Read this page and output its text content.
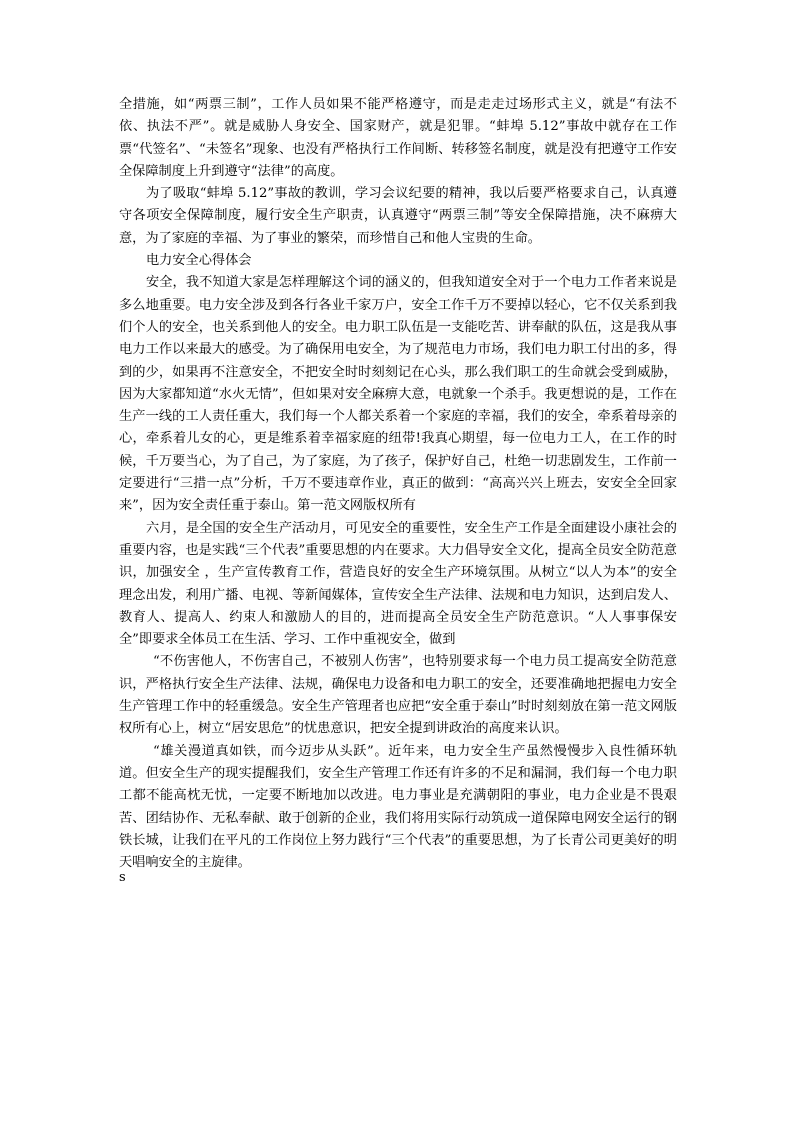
全措施，如“两票三制”，工作人员如果不能严格遵守，而是走走过场形式主义，就是“有法不依、执法不严”。就是威胁人身安全、国家财产，就是犯罪。“蚌埠 5.12”事故中就存在工作票“代签名”、“未签名”现象、也没有严格执行工作间断、转移签名制度，就是没有把遵守工作安全保障制度上升到遵守“法律”的高度。

为了吸取“蚌埠 5.12”事故的教训，学习会议纪要的精神，我以后要严格要求自己，认真遵守各项安全保障制度，履行安全生产职责，认真遵守“两票三制”等安全保障措施，决不麻痹大意，为了家庭的幸福、为了事业的繁荣，而珍惜自己和他人宝贵的生命。

电力安全心得体会

安全，我不知道大家是怎样理解这个词的涵义的，但我知道安全对于一个电力工作者来说是多么地重要。电力安全涉及到各行各业千家万户，安全工作千万不要掉以轻心，它不仅关系到我们个人的安全，也关系到他人的安全。电力职工队伍是一支能吃苦、讲奉献的队伍，这是我从事电力工作以来最大的感受。为了确保用电安全，为了规范电力市场，我们电力职工付出的多，得到的少，如果再不注意安全，不把安全时时刻刻记在心头，那么我们职工的生命就会受到威胁，因为大家都知道“水火无情”，但如果对安全麻痹大意，电就象一个杀手。我更想说的是，工作在生产一线的工人责任重大，我们每一个人都关系着一个家庭的幸福，我们的安全，牵系着母亲的心，牵系着儿女的心，更是维系着幸福家庭的纽带!我真心期望，每一位电力工人，在工作的时候，千万要当心，为了自己，为了家庭，为了孩子，保护好自己，杜绝一切悲剧发生，工作前一定要进行“三措一点”分析，千万不要违章作业，真正的做到：“高高兴兴上班去，安安全全回家来”，因为安全责任重于泰山。第一范文网版权所有

六月，是全国的安全生产活动月，可见安全的重要性，安全生产工作是全面建设小康社会的重要内容，也是实践“三个代表”重要思想的内在要求。大力倡导安全文化，提高全员安全防范意识，加强安全 ，生产宣传教育工作，营造良好的安全生产环境氛围。从树立“以人为本”的安全理念出发，利用广播、电视、等新闻媒体，宣传安全生产法律、法规和电力知识，达到启发人、教育人、提高人、约束人和激励人的目的，进而提高全员安全生产防范意识。“人人事事保安全”即要求全体员工在生活、学习、工作中重视安全，做到

“不伤害他人，不伤害自己，不被别人伤害”，也特别要求每一个电力员工提高安全防范意识，严格执行安全生产法律、法规，确保电力设备和电力职工的安全，还要准确地把握电力安全生产管理工作中的轻重缓急。安全生产管理者也应把“安全重于泰山”时时刻刻放在第一范文网版权所有心上，树立“居安思危”的忧患意识，把安全提到讲政治的高度来认识。

“雄关漫道真如铁，而今迈步从头跃”。近年来，电力安全生产虽然慢慢步入良性循环轨道。但安全生产的现实提醒我们，安全生产管理工作还有许多的不足和漏洞，我们每一个电力职工都不能高枕无忧，一定要不断地加以改进。电力事业是充满朝阳的事业，电力企业是不畏艰苦、团结协作、无私奉献、敢于创新的企业，我们将用实际行动筑成一道保障电网安全运行的钢铁长城，让我们在平凡的工作岗位上努力践行“三个代表”的重要思想，为了长青公司更美好的明天唱响安全的主旋律。

s
